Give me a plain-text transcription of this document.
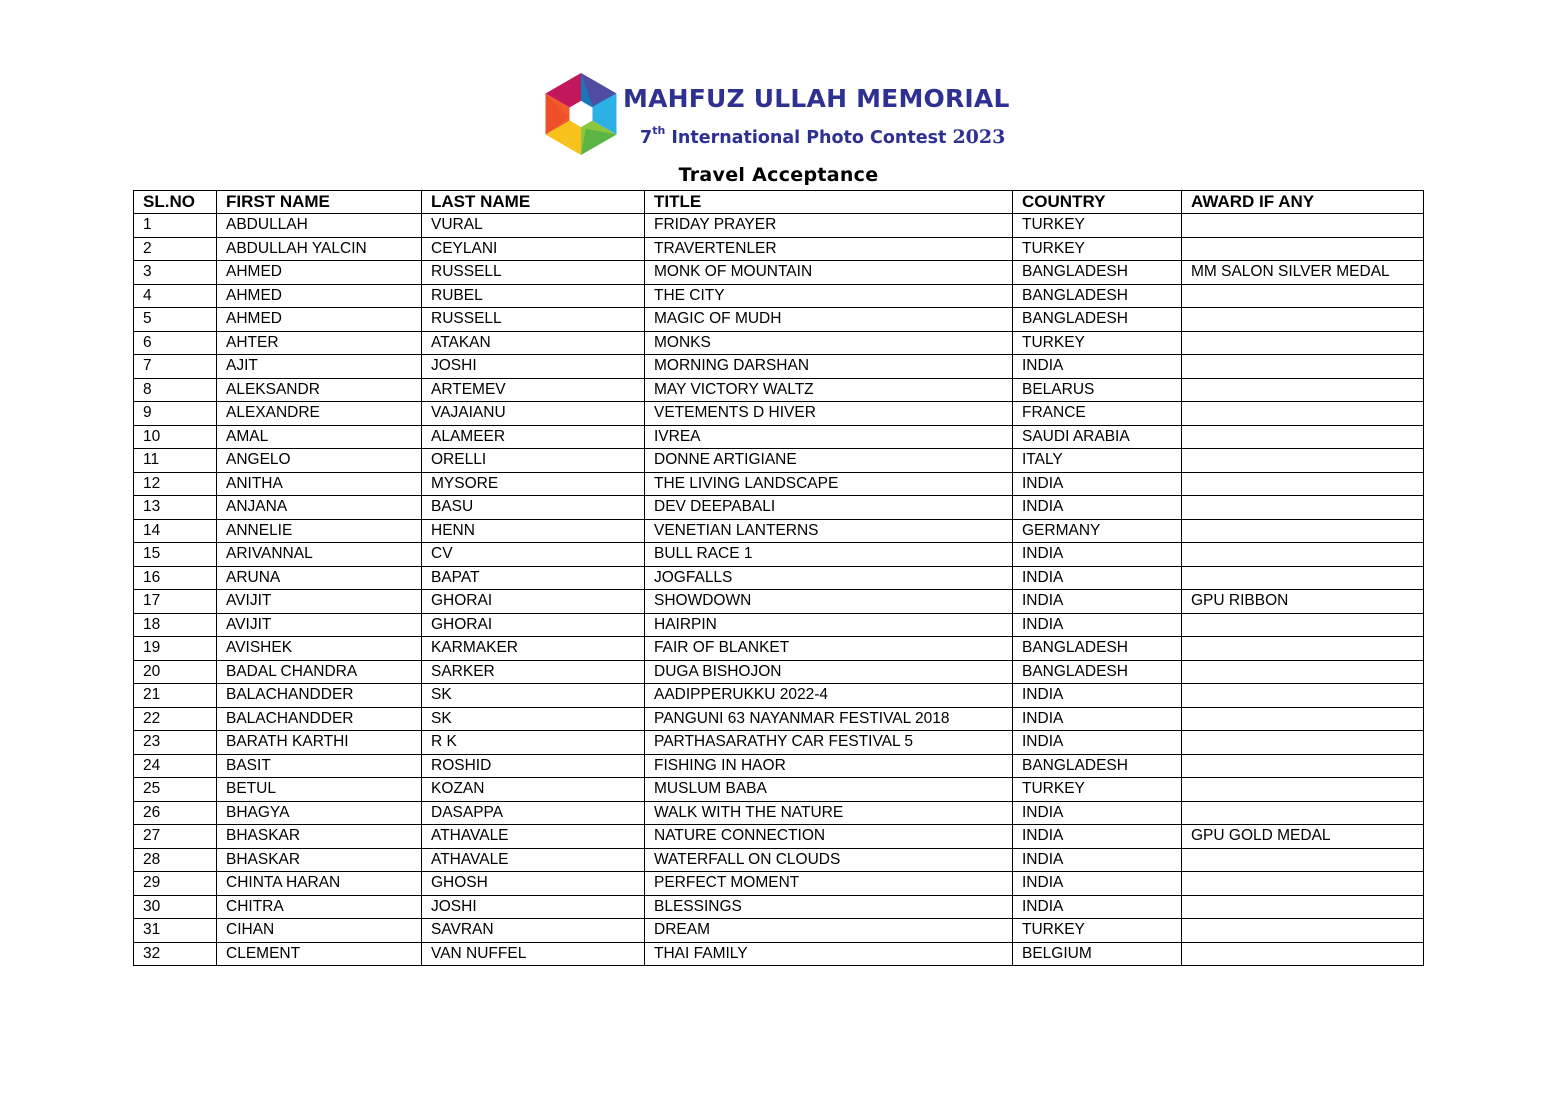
MAHFUZ ULLAH MEMORIAL
7th International Photo Contest 2023
Travel Acceptance
SL.NO	FIRST NAME	LAST NAME	TITLE	COUNTRY	AWARD IF ANY
1	ABDULLAH	VURAL	FRIDAY PRAYER	TURKEY	
2	ABDULLAH YALCIN	CEYLANI	TRAVERTENLER	TURKEY	
3	AHMED	RUSSELL	MONK OF MOUNTAIN	BANGLADESH	MM SALON SILVER MEDAL
4	AHMED	RUBEL	THE CITY	BANGLADESH	
5	AHMED	RUSSELL	MAGIC OF MUDH	BANGLADESH	
6	AHTER	ATAKAN	MONKS	TURKEY	
7	AJIT	JOSHI	MORNING DARSHAN	INDIA	
8	ALEKSANDR	ARTEMEV	MAY VICTORY WALTZ	BELARUS	
9	ALEXANDRE	VAJAIANU	VETEMENTS D HIVER	FRANCE	
10	AMAL	ALAMEER	IVREA	SAUDI ARABIA	
11	ANGELO	ORELLI	DONNE ARTIGIANE	ITALY	
12	ANITHA	MYSORE	THE LIVING LANDSCAPE	INDIA	
13	ANJANA	BASU	DEV DEEPABALI	INDIA	
14	ANNELIE	HENN	VENETIAN LANTERNS	GERMANY	
15	ARIVANNAL	CV	BULL RACE 1	INDIA	
16	ARUNA	BAPAT	JOGFALLS	INDIA	
17	AVIJIT	GHORAI	SHOWDOWN	INDIA	GPU RIBBON
18	AVIJIT	GHORAI	HAIRPIN	INDIA	
19	AVISHEK	KARMAKER	FAIR OF BLANKET	BANGLADESH	
20	BADAL CHANDRA	SARKER	DUGA BISHOJON	BANGLADESH	
21	BALACHANDDER	SK	AADIPPERUKKU 2022-4	INDIA	
22	BALACHANDDER	SK	PANGUNI 63 NAYANMAR FESTIVAL 2018	INDIA	
23	BARATH KARTHI	R K	PARTHASARATHY CAR FESTIVAL 5	INDIA	
24	BASIT	ROSHID	FISHING IN HAOR	BANGLADESH	
25	BETUL	KOZAN	MUSLUM BABA	TURKEY	
26	BHAGYA	DASAPPA	WALK WITH THE NATURE	INDIA	
27	BHASKAR	ATHAVALE	NATURE CONNECTION	INDIA	GPU GOLD MEDAL
28	BHASKAR	ATHAVALE	WATERFALL ON CLOUDS	INDIA	
29	CHINTA HARAN	GHOSH	PERFECT MOMENT	INDIA	
30	CHITRA	JOSHI	BLESSINGS	INDIA	
31	CIHAN	SAVRAN	DREAM	TURKEY	
32	CLEMENT	VAN NUFFEL	THAI FAMILY	BELGIUM	
